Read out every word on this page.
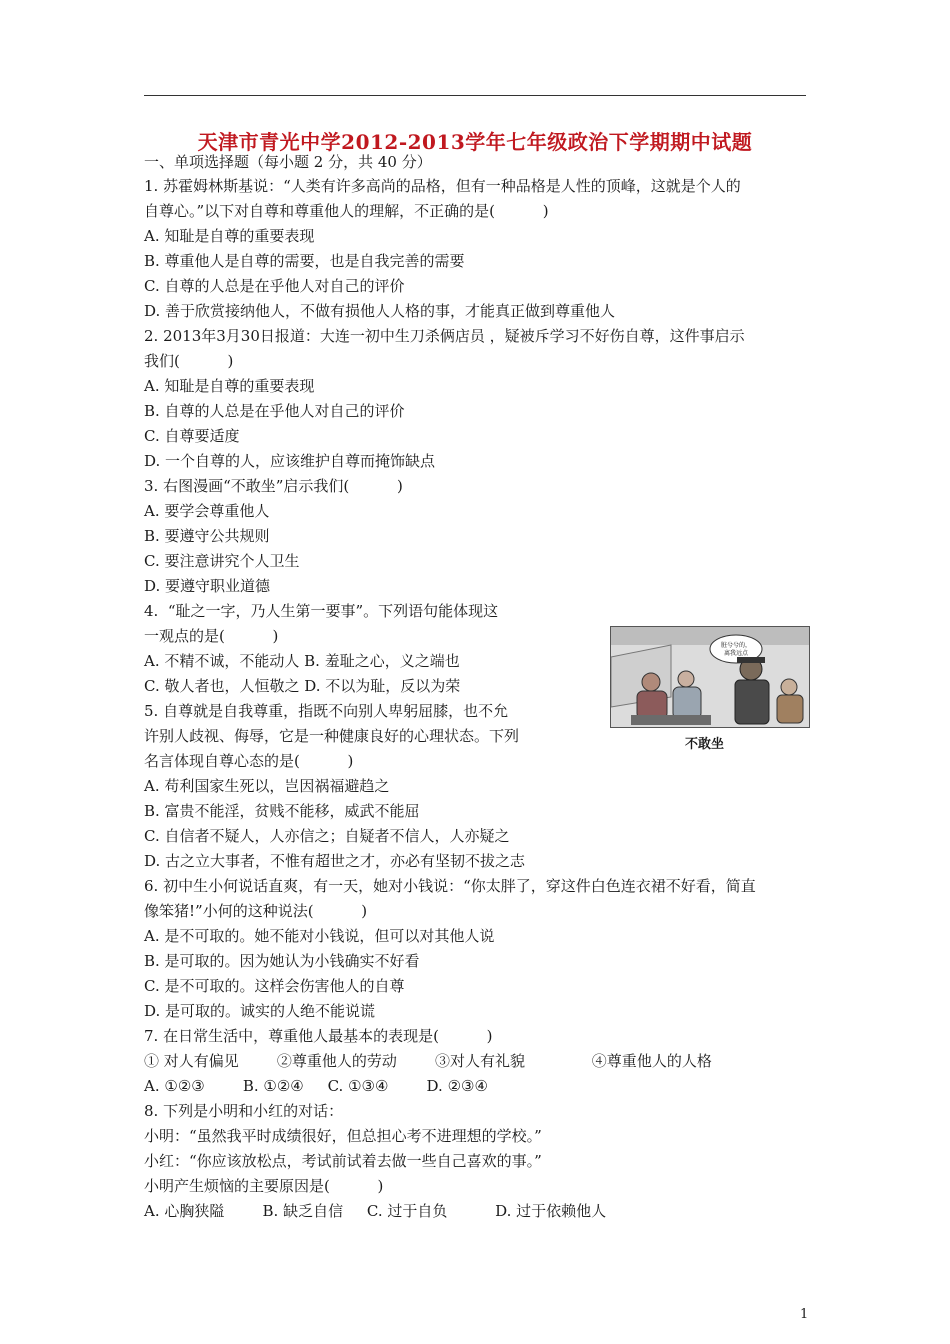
天津市青光中学2012-2013学年七年级政治下学期期中试题
一、单项选择题（每小题 2 分，共 40 分）
1. 苏霍姆林斯基说：“人类有许多高尚的品格，但有一种品格是人性的顶峰，这就是个人的
自尊心。”以下对自尊和尊重他人的理解，不正确的是(          )
A. 知耻是自尊的重要表现
B. 尊重他人是自尊的需要，也是自我完善的需要
C. 自尊的人总是在乎他人对自己的评价
D. 善于欣赏接纳他人，不做有损他人人格的事，才能真正做到尊重他人
2. 2013年3月30日报道：大连一初中生刀杀俩店员 ，疑被斥学习不好伤自尊，这件事启示
我们(          )
A. 知耻是自尊的重要表现
B. 自尊的人总是在乎他人对自己的评价
C. 自尊要适度
D. 一个自尊的人，应该维护自尊而掩饰缺点
3. 右图漫画“不敢坐”启示我们(          )
A. 要学会尊重他人
B. 要遵守公共规则
C. 要注意讲究个人卫生
D. 要遵守职业道德
4.  “耻之一字，乃人生第一要事”。下列语句能体现这
一观点的是(          )
A. 不精不诚，不能动人 B. 羞耻之心，义之端也
C. 敬人者也，人恒敬之 D. 不以为耻，反以为荣
5. 自尊就是自我尊重，指既不向别人卑躬屈膝，也不允
许别人歧视、侮辱，它是一种健康良好的心理状态。下列
名言体现自尊心态的是(          )
A. 苟利国家生死以，岂因祸福避趋之
B. 富贵不能淫，贫贱不能移，威武不能屈
C. 自信者不疑人，人亦信之；自疑者不信人，人亦疑之
D. 古之立大事者，不惟有超世之才，亦必有坚韧不拔之志
6. 初中生小何说话直爽，有一天，她对小钱说：“你太胖了，穿这件白色连衣裙不好看，简直
像笨猪!”小何的这种说法(          )
A. 是不可取的。她不能对小钱说，但可以对其他人说
B. 是可取的。因为她认为小钱确实不好看
C. 是不可取的。这样会伤害他人的自尊
D. 是可取的。诚实的人绝不能说谎
7. 在日常生活中，尊重他人最基本的表现是(          )
① 对人有偏见        ②尊重他人的劳动        ③对人有礼貌              ④尊重他人的人格
A. ①②③        B. ①②④     C. ①③④        D. ②③④
8. 下列是小明和小红的对话：
小明：“虽然我平时成绩很好，但总担心考不进理想的学校。”
小红：“你应该放松点，考试前试着去做一些自己喜欢的事。”
小明产生烦恼的主要原因是(          )
A. 心胸狭隘        B. 缺乏自信     C. 过于自负          D. 过于依赖他人
脏兮兮的，
离我远点
不敢坐
1
